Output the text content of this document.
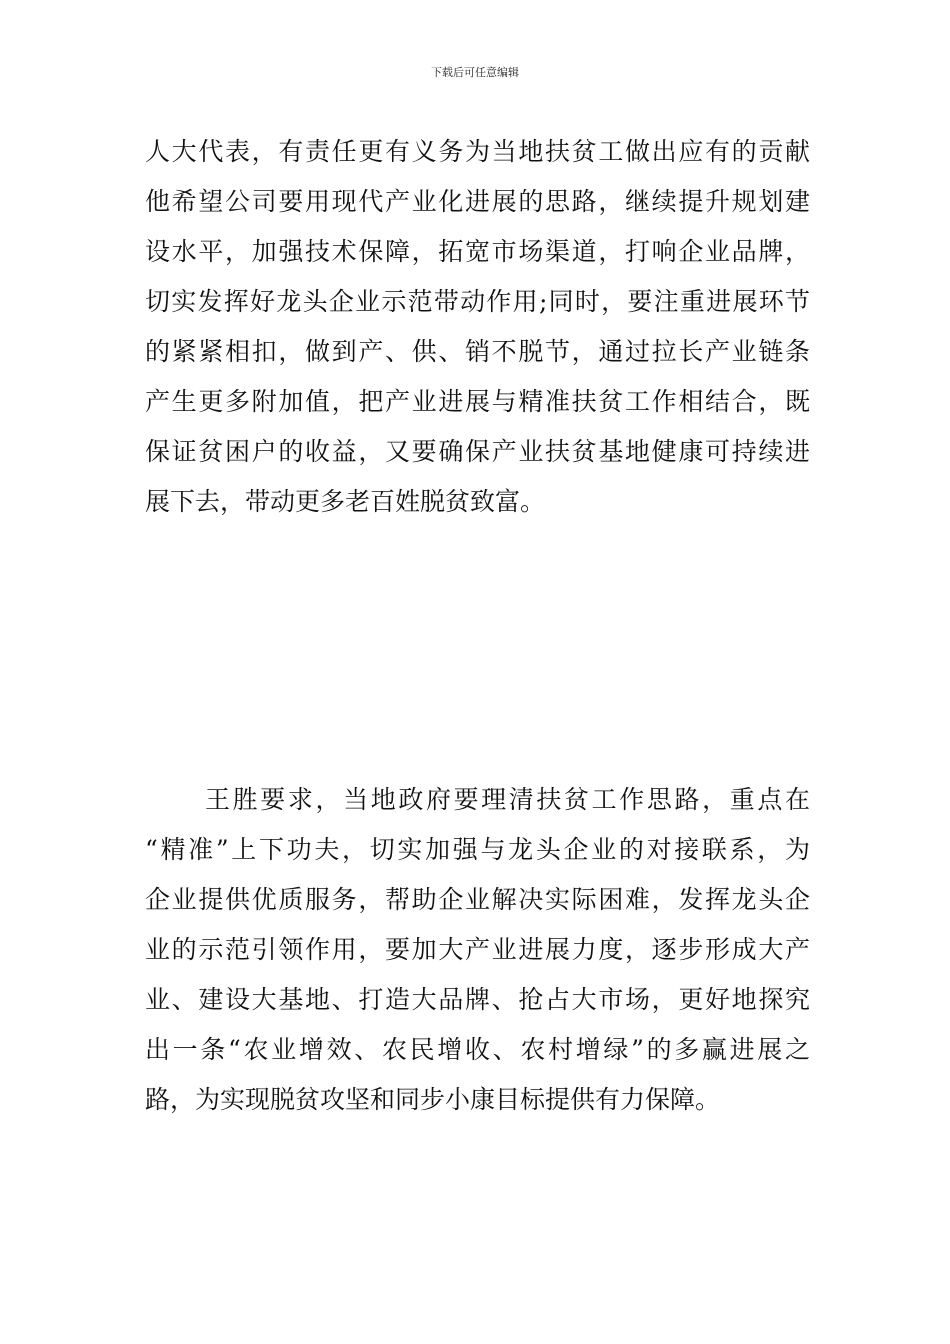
下载后可任意编辑
人大代表，有责任更有义务为当地扶贫工做出应有的贡献
他希望公司要用现代产业化进展的思路，继续提升规划建
设水平，加强技术保障，拓宽市场渠道，打响企业品牌，
切实发挥好龙头企业示范带动作用;同时，要注重进展环节
的紧紧相扣，做到产、供、销不脱节，通过拉长产业链条
产生更多附加值，把产业进展与精准扶贫工作相结合，既
保证贫困户的收益，又要确保产业扶贫基地健康可持续进
展下去，带动更多老百姓脱贫致富。
王胜要求，当地政府要理清扶贫工作思路，重点在
“精准”上下功夫，切实加强与龙头企业的对接联系，为
企业提供优质服务，帮助企业解决实际困难，发挥龙头企
业的示范引领作用，要加大产业进展力度，逐步形成大产
业、建设大基地、打造大品牌、抢占大市场，更好地探究
出一条“农业增效、农民增收、农村增绿”的多赢进展之
路，为实现脱贫攻坚和同步小康目标提供有力保障。
